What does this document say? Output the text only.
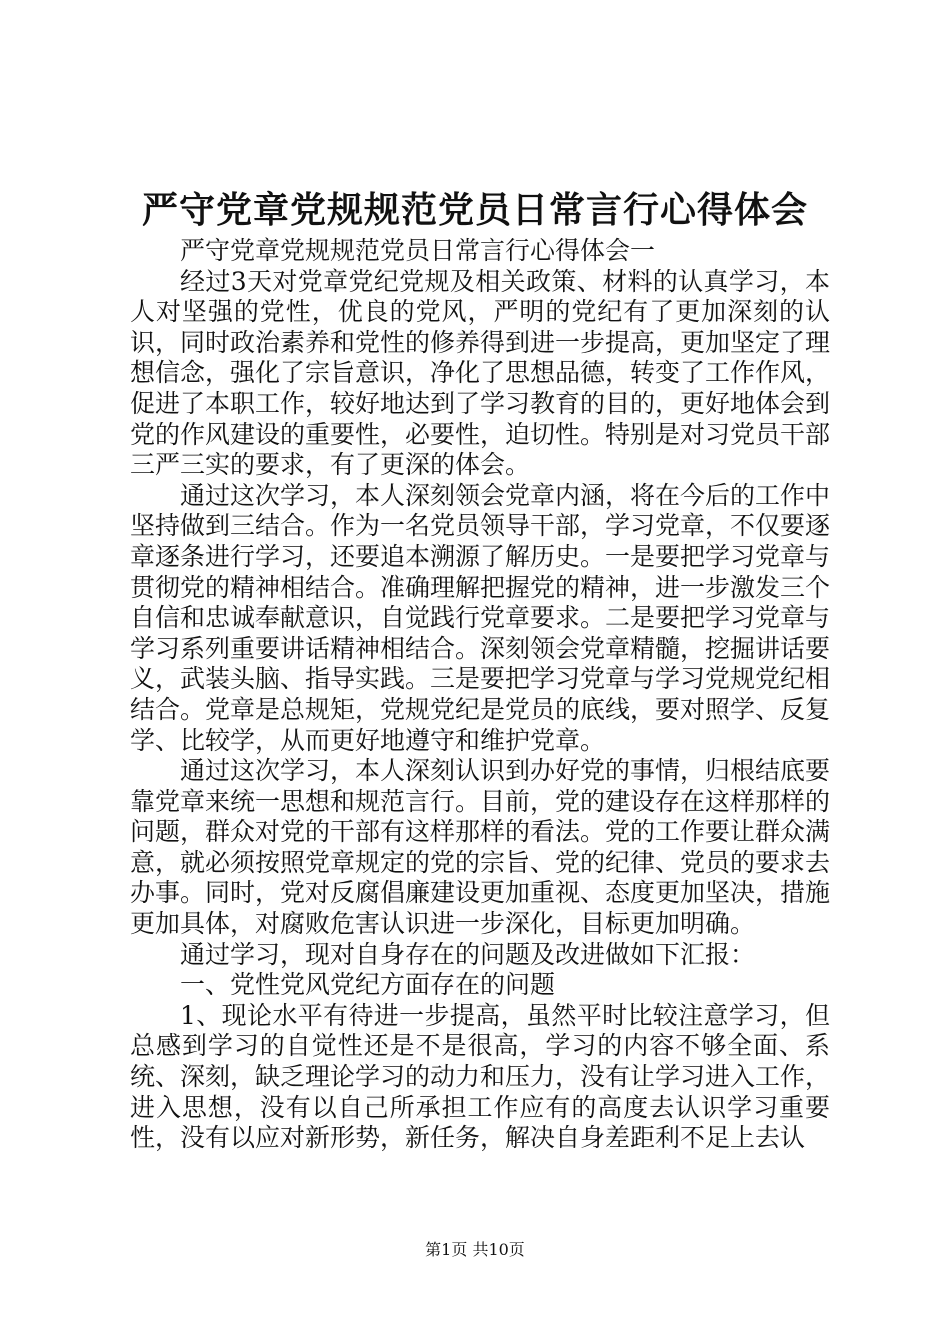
严守党章党规规范党员日常言行心得体会

严守党章党规规范党员日常言行心得体会一

经过3天对党章党纪党规及相关政策、材料的认真学习，本人对坚强的党性，优良的党风，严明的党纪有了更加深刻的认识，同时政治素养和党性的修养得到进一步提高，更加坚定了理想信念，强化了宗旨意识，净化了思想品德，转变了工作作风，促进了本职工作，较好地达到了学习教育的目的，更好地体会到党的作风建设的重要性，必要性，迫切性。特别是对习党员干部三严三实的要求，有了更深的体会。

通过这次学习，本人深刻领会党章内涵，将在今后的工作中坚持做到三结合。作为一名党员领导干部，学习党章，不仅要逐章逐条进行学习，还要追本溯源了解历史。一是要把学习党章与贯彻党的精神相结合。准确理解把握党的精神，进一步激发三个自信和忠诚奉献意识，自觉践行党章要求。二是要把学习党章与学习系列重要讲话精神相结合。深刻领会党章精髓，挖掘讲话要义，武装头脑、指导实践。三是要把学习党章与学习党规党纪相结合。党章是总规矩，党规党纪是党员的底线，要对照学、反复学、比较学，从而更好地遵守和维护党章。

通过这次学习，本人深刻认识到办好党的事情，归根结底要靠党章来统一思想和规范言行。目前，党的建设存在这样那样的问题，群众对党的干部有这样那样的看法。党的工作要让群众满意，就必须按照党章规定的党的宗旨、党的纪律、党员的要求去办事。同时，党对反腐倡廉建设更加重视、态度更加坚决，措施更加具体，对腐败危害认识进一步深化，目标更加明确。

通过学习，现对自身存在的问题及改进做如下汇报：

一、党性党风党纪方面存在的问题

1、现论水平有待进一步提高，虽然平时比较注意学习，但总感到学习的自觉性还是不是很高，学习的内容不够全面、系统、深刻，缺乏理论学习的动力和压力，没有让学习进入工作，进入思想，没有以自己所承担工作应有的高度去认识学习重要性，没有以应对新形势，新任务，解决自身差距利不足上去认

第1页 共10页
